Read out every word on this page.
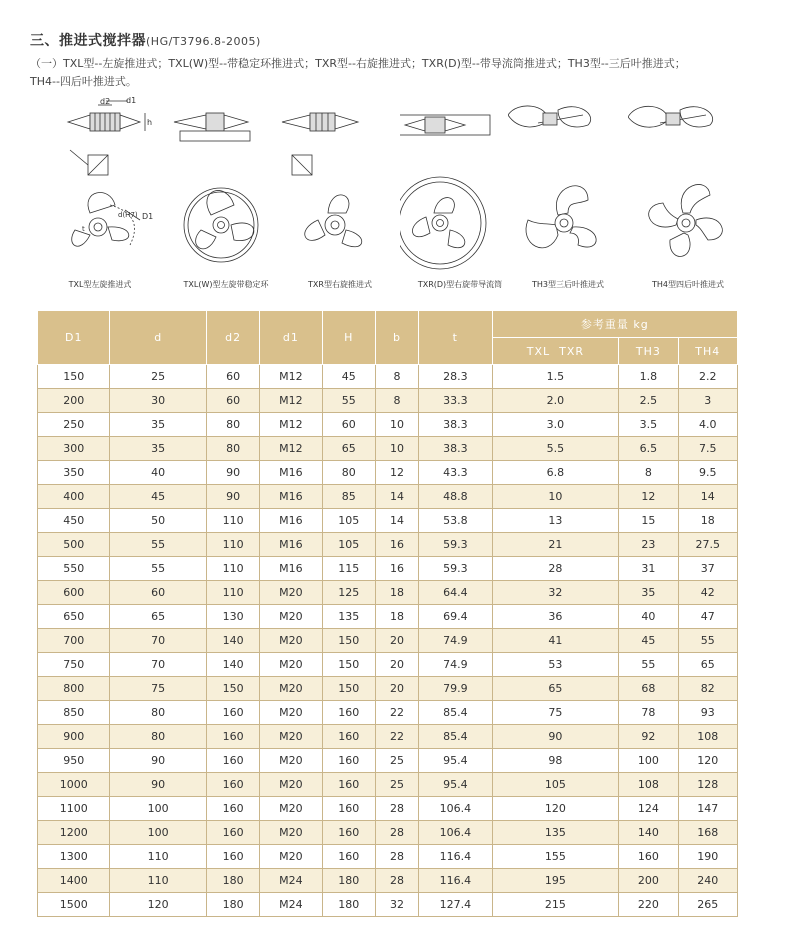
三、推进式搅拌器(HG/T3796.8-2005)
（一）TXL型--左旋推进式；TXL(W)型--带稳定环推进式；TXR型--右旋推进式；TXR(D)型--带导流筒推进式；TH3型--三后叶推进式；
TH4--四后叶推进式。
d2 d1
h
d(H7) D1
t
TXL型左旋推进式	TXL(W)型左旋带稳定环	TXR型右旋推进式	TXR(D)型右旋带导流筒	TH3型三后叶推进式	TH4型四后叶推进式
D1	d	d2	d1	H	b	t	参考重量 kg		
							TXL  TXR	TH3	TH4
150	25	60	M12	45	8	28.3	1.5	1.8	2.2
200	30	60	M12	55	8	33.3	2.0	2.5	3
250	35	80	M12	60	10	38.3	3.0	3.5	4.0
300	35	80	M12	65	10	38.3	5.5	6.5	7.5
350	40	90	M16	80	12	43.3	6.8	8	9.5
400	45	90	M16	85	14	48.8	10	12	14
450	50	110	M16	105	14	53.8	13	15	18
500	55	110	M16	105	16	59.3	21	23	27.5
550	55	110	M16	115	16	59.3	28	31	37
600	60	110	M20	125	18	64.4	32	35	42
650	65	130	M20	135	18	69.4	36	40	47
700	70	140	M20	150	20	74.9	41	45	55
750	70	140	M20	150	20	74.9	53	55	65
800	75	150	M20	150	20	79.9	65	68	82
850	80	160	M20	160	22	85.4	75	78	93
900	80	160	M20	160	22	85.4	90	92	108
950	90	160	M20	160	25	95.4	98	100	120
1000	90	160	M20	160	25	95.4	105	108	128
1100	100	160	M20	160	28	106.4	120	124	147
1200	100	160	M20	160	28	106.4	135	140	168
1300	110	160	M20	160	28	116.4	155	160	190
1400	110	180	M24	180	28	116.4	195	200	240
1500	120	180	M24	180	32	127.4	215	220	265
